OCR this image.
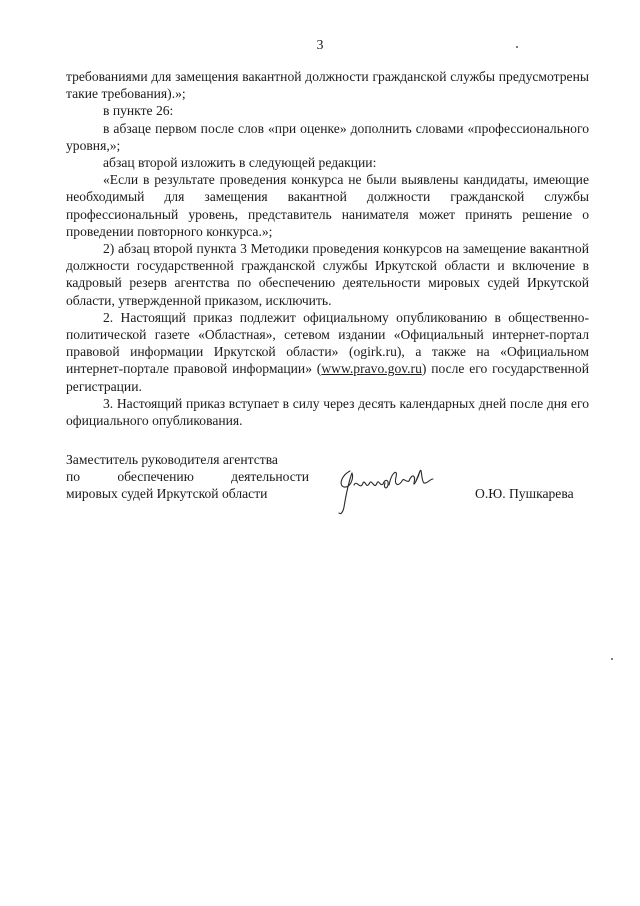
3

требованиями для замещения вакантной должности гражданской службы предусмотрены такие требования).»;

в пункте 26:

в абзаце первом после слов «при оценке» дополнить словами «профессионального уровня,»;

абзац второй изложить в следующей редакции:

«Если в результате проведения конкурса не были выявлены кандидаты, имеющие необходимый для замещения вакантной должности гражданской службы профессиональный уровень, представитель нанимателя может принять решение о проведении повторного конкурса.»;

2) абзац второй пункта 3 Методики проведения конкурсов на замещение вакантной должности государственной гражданской службы Иркутской области и включение в кадровый резерв агентства по обеспечению деятельности мировых судей Иркутской области, утвержденной приказом, исключить.

2. Настоящий приказ подлежит официальному опубликованию в общественно-политической газете «Областная», сетевом издании «Официальный интернет-портал правовой информации Иркутской области» (ogirk.ru), а также на «Официальном интернет-портале правовой информации» (www.pravo.gov.ru) после его государственной регистрации.

3. Настоящий приказ вступает в силу через десять календарных дней после дня его официального опубликования.

Заместитель руководителя агентства
по обеспечению деятельности
мировых судей Иркутской области	О.Ю. Пушкарева
